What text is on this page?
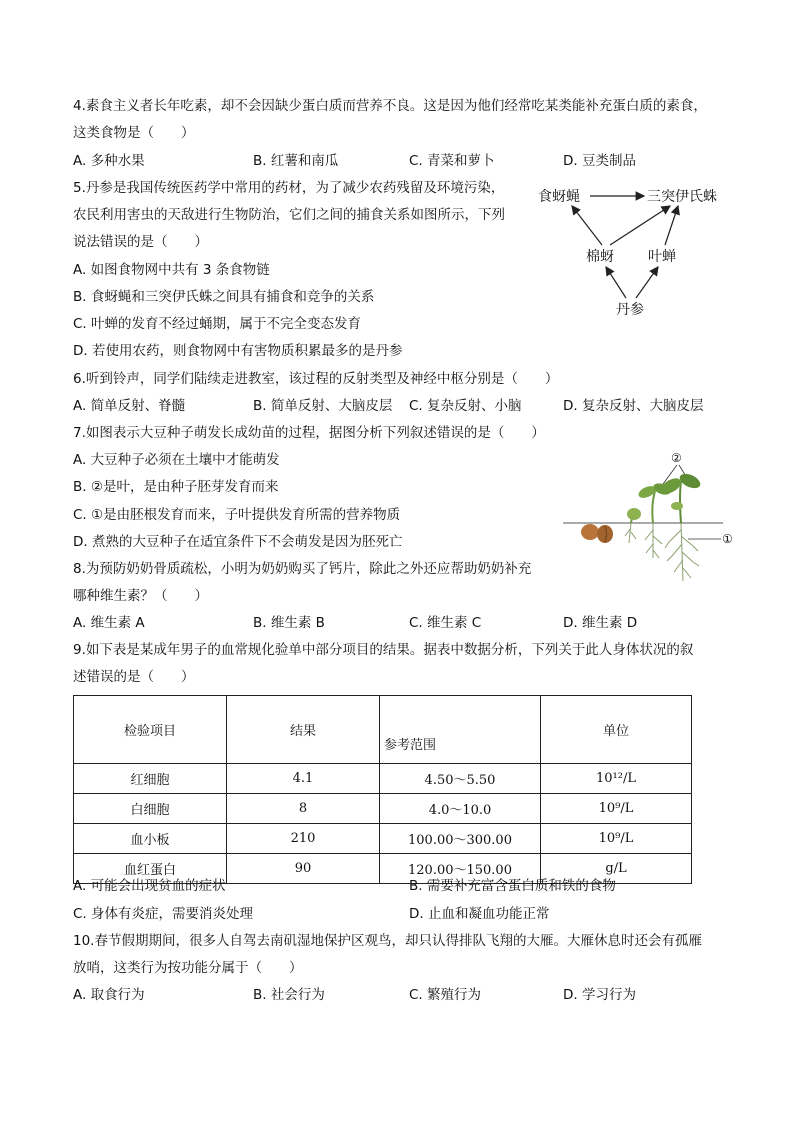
4.素食主义者长年吃素，却不会因缺少蛋白质而营养不良。这是因为他们经常吃某类能补充蛋白质的素食，
这类食物是（　　）
A. 多种水果	B. 红薯和南瓜	C. 青菜和萝卜	D. 豆类制品
5.丹参是我国传统医药学中常用的药材，为了减少农药残留及环境污染，
农民利用害虫的天敌进行生物防治，它们之间的捕食关系如图所示，下列
说法错误的是（　　）
A. 如图食物网中共有 3 条食物链
B. 食蚜蝇和三突伊氏蛛之间具有捕食和竞争的关系
C. 叶蝉的发育不经过蛹期，属于不完全变态发育
D. 若使用农药，则食物网中有害物质积累最多的是丹参
食蚜蝇	三突伊氏蛛
棉蚜 叶蝉
丹参
6.听到铃声，同学们陆续走进教室，该过程的反射类型及神经中枢分别是（　　）
A. 简单反射、脊髓	B. 简单反射、大脑皮层 C. 复杂反射、小脑	D. 复杂反射、大脑皮层
7.如图表示大豆种子萌发长成幼苗的过程，据图分析下列叙述错误的是（　　）
A. 大豆种子必须在土壤中才能萌发
B. ②是叶，是由种子胚芽发育而来
C. ①是由胚根发育而来，子叶提供发育所需的营养物质
D. 煮熟的大豆种子在适宜条件下不会萌发是因为胚死亡
②
①
8.为预防奶奶骨质疏松，小明为奶奶购买了钙片，除此之外还应帮助奶奶补充
哪种维生素？（　　）
A. 维生素 A	B. 维生素 B	C. 维生素 C	D. 维生素 D
9.如下表是某成年男子的血常规化验单中部分项目的结果。据表中数据分析，下列关于此人身体状况的叙
述错误的是（　　）
检验项目	结果	参考范围	单位
红细胞	4.1	4.50～5.50	10¹²/L
白细胞	8	4.0～10.0	10⁹/L
血小板	210	100.00～300.00	10⁹/L
血红蛋白	90	120.00～150.00	g/L
A. 可能会出现贫血的症状	B. 需要补充富含蛋白质和铁的食物
C. 身体有炎症，需要消炎处理	D. 止血和凝血功能正常
10.春节假期期间，很多人自驾去南矶湿地保护区观鸟，却只认得排队飞翔的大雁。大雁休息时还会有孤雁
放哨，这类行为按功能分属于（　　）
A. 取食行为	B. 社会行为	C. 繁殖行为	D. 学习行为
